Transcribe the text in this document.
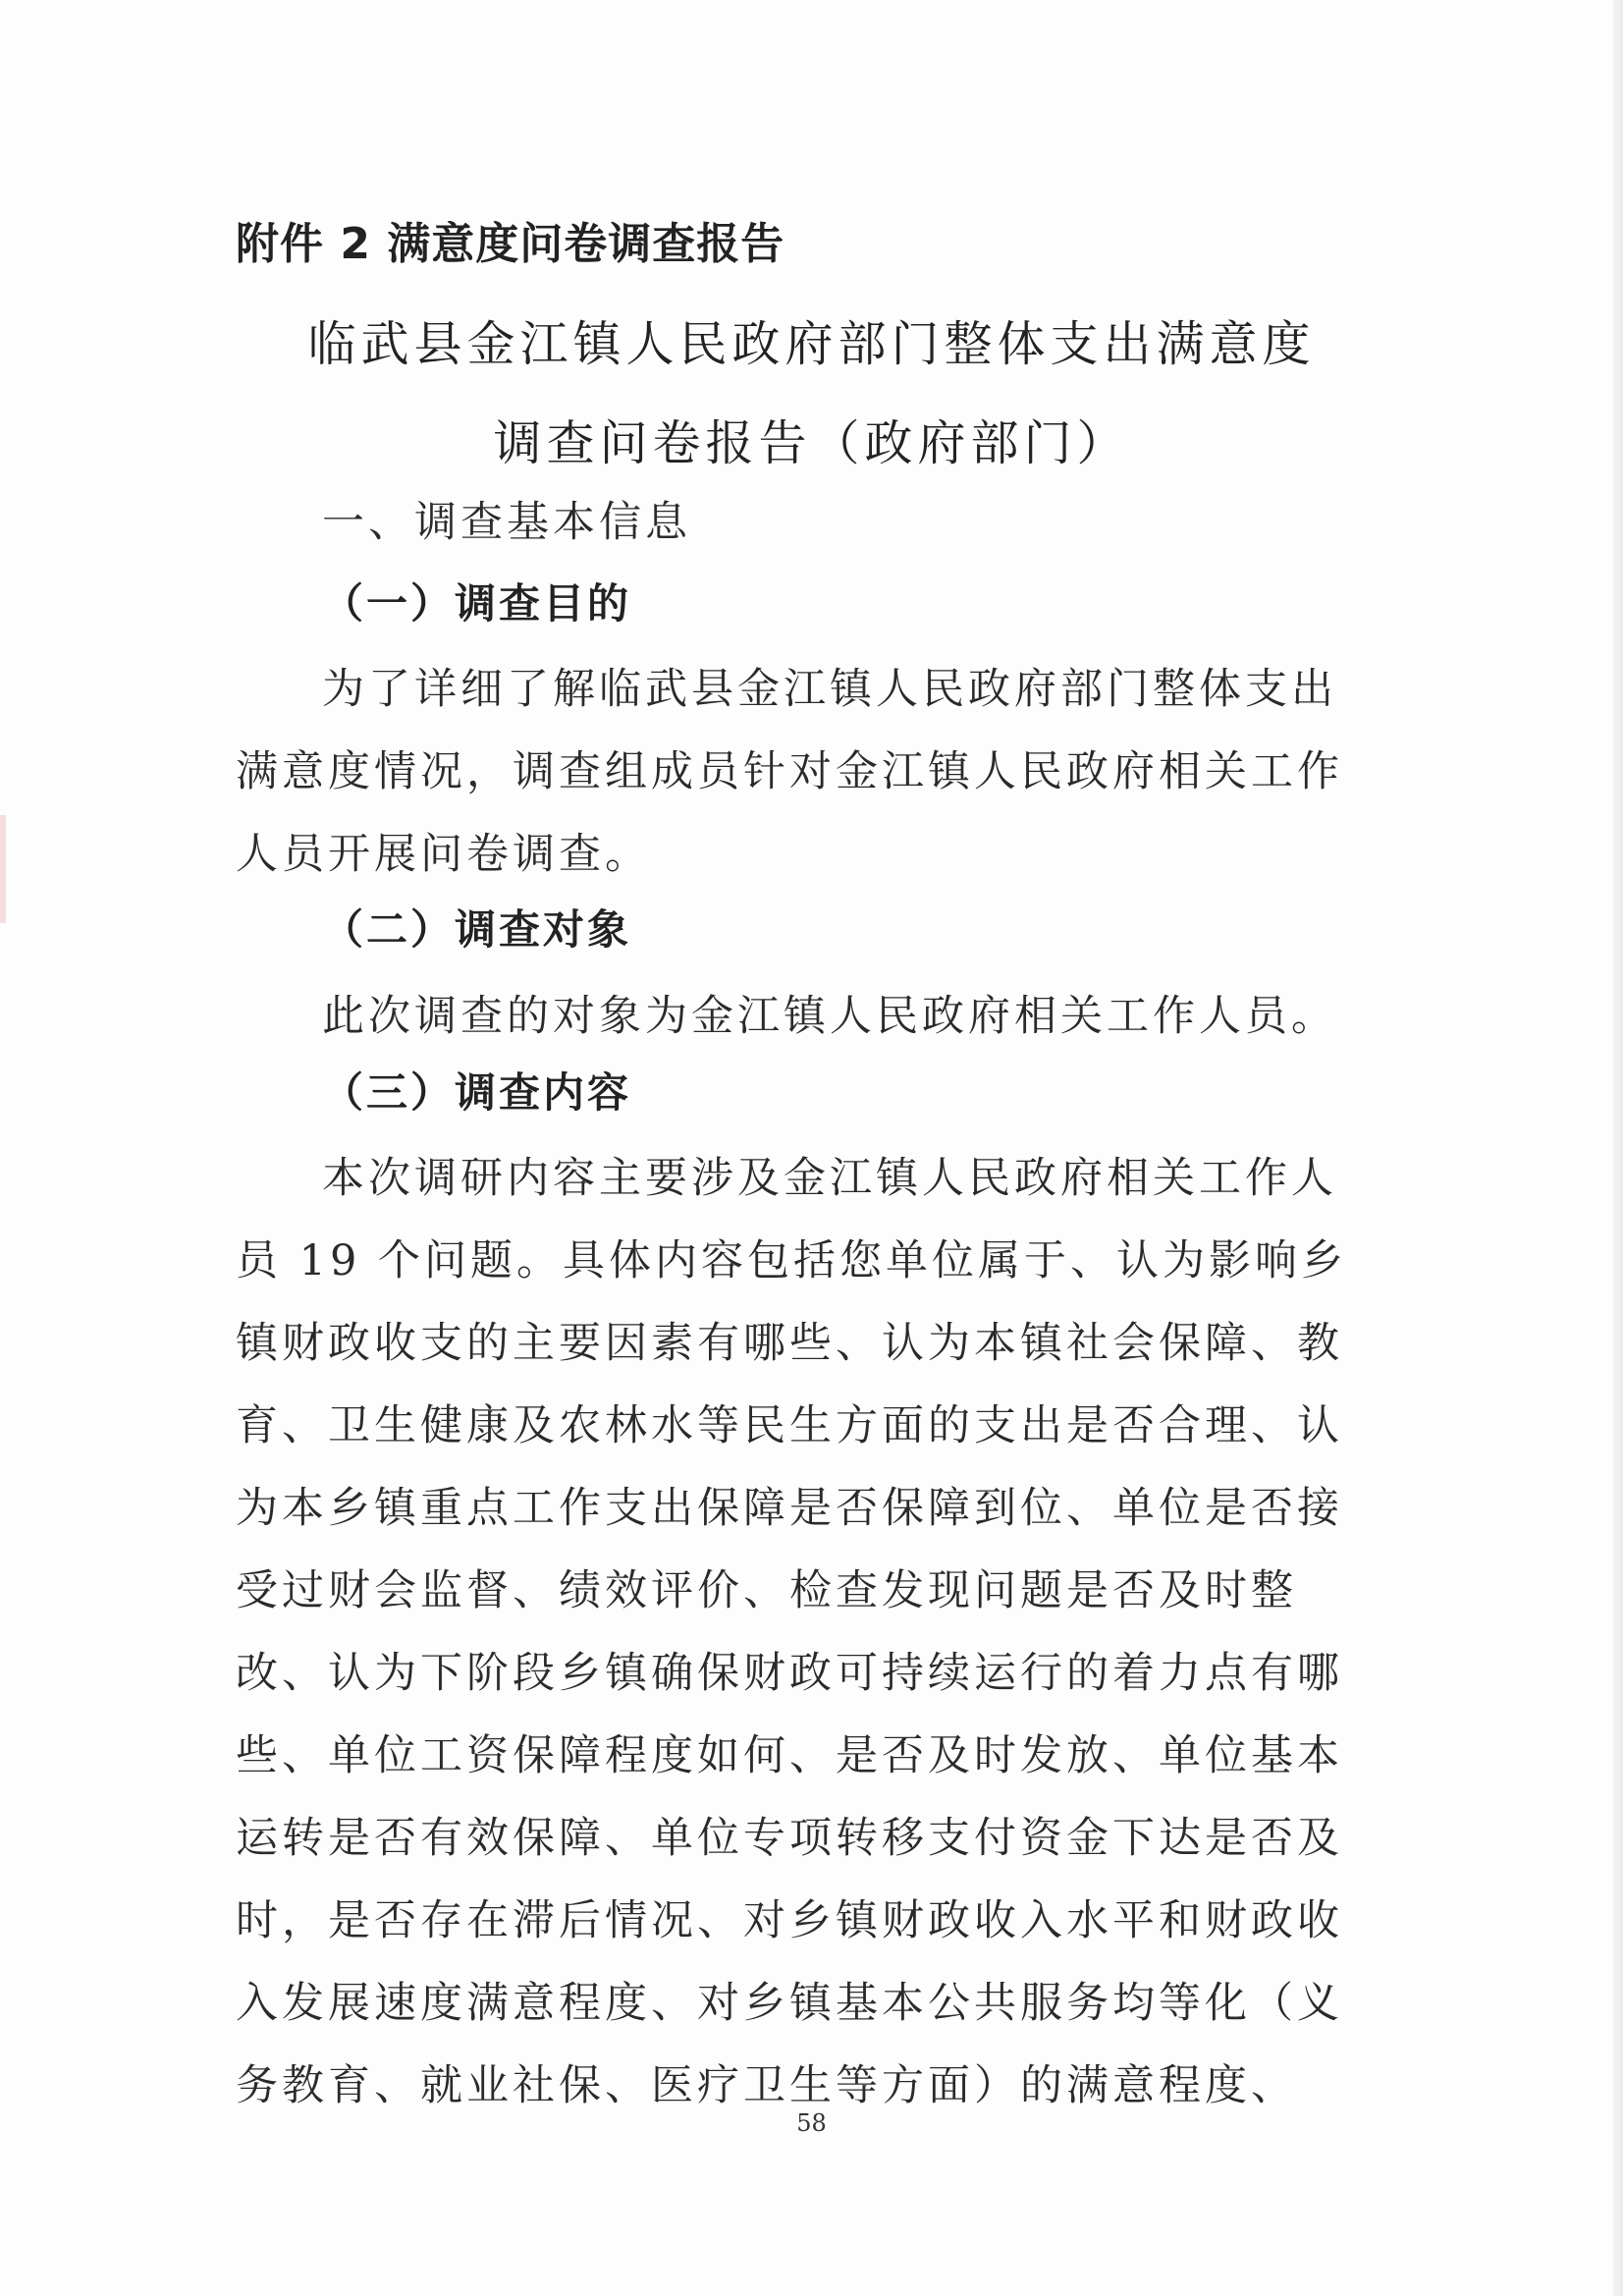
附件 2 满意度问卷调查报告
临武县金江镇人民政府部门整体支出满意度
调查问卷报告（政府部门）
一、调查基本信息
（一）调查目的
为了详细了解临武县金江镇人民政府部门整体支出满意度情况，调查组成员针对金江镇人民政府相关工作人员开展问卷调查。
（二）调查对象
此次调查的对象为金江镇人民政府相关工作人员。
（三）调查内容
本次调研内容主要涉及金江镇人民政府相关工作人员 19 个问题。具体内容包括您单位属于、认为影响乡镇财政收支的主要因素有哪些、认为本镇社会保障、教育、卫生健康及农林水等民生方面的支出是否合理、认为本乡镇重点工作支出保障是否保障到位、单位是否接受过财会监督、绩效评价、检查发现问题是否及时整改、认为下阶段乡镇确保财政可持续运行的着力点有哪些、单位工资保障程度如何、是否及时发放、单位基本运转是否有效保障、单位专项转移支付资金下达是否及时，是否存在滞后情况、对乡镇财政收入水平和财政收入发展速度满意程度、对乡镇基本公共服务均等化（义务教育、就业社保、医疗卫生等方面）的满意程度、
58
